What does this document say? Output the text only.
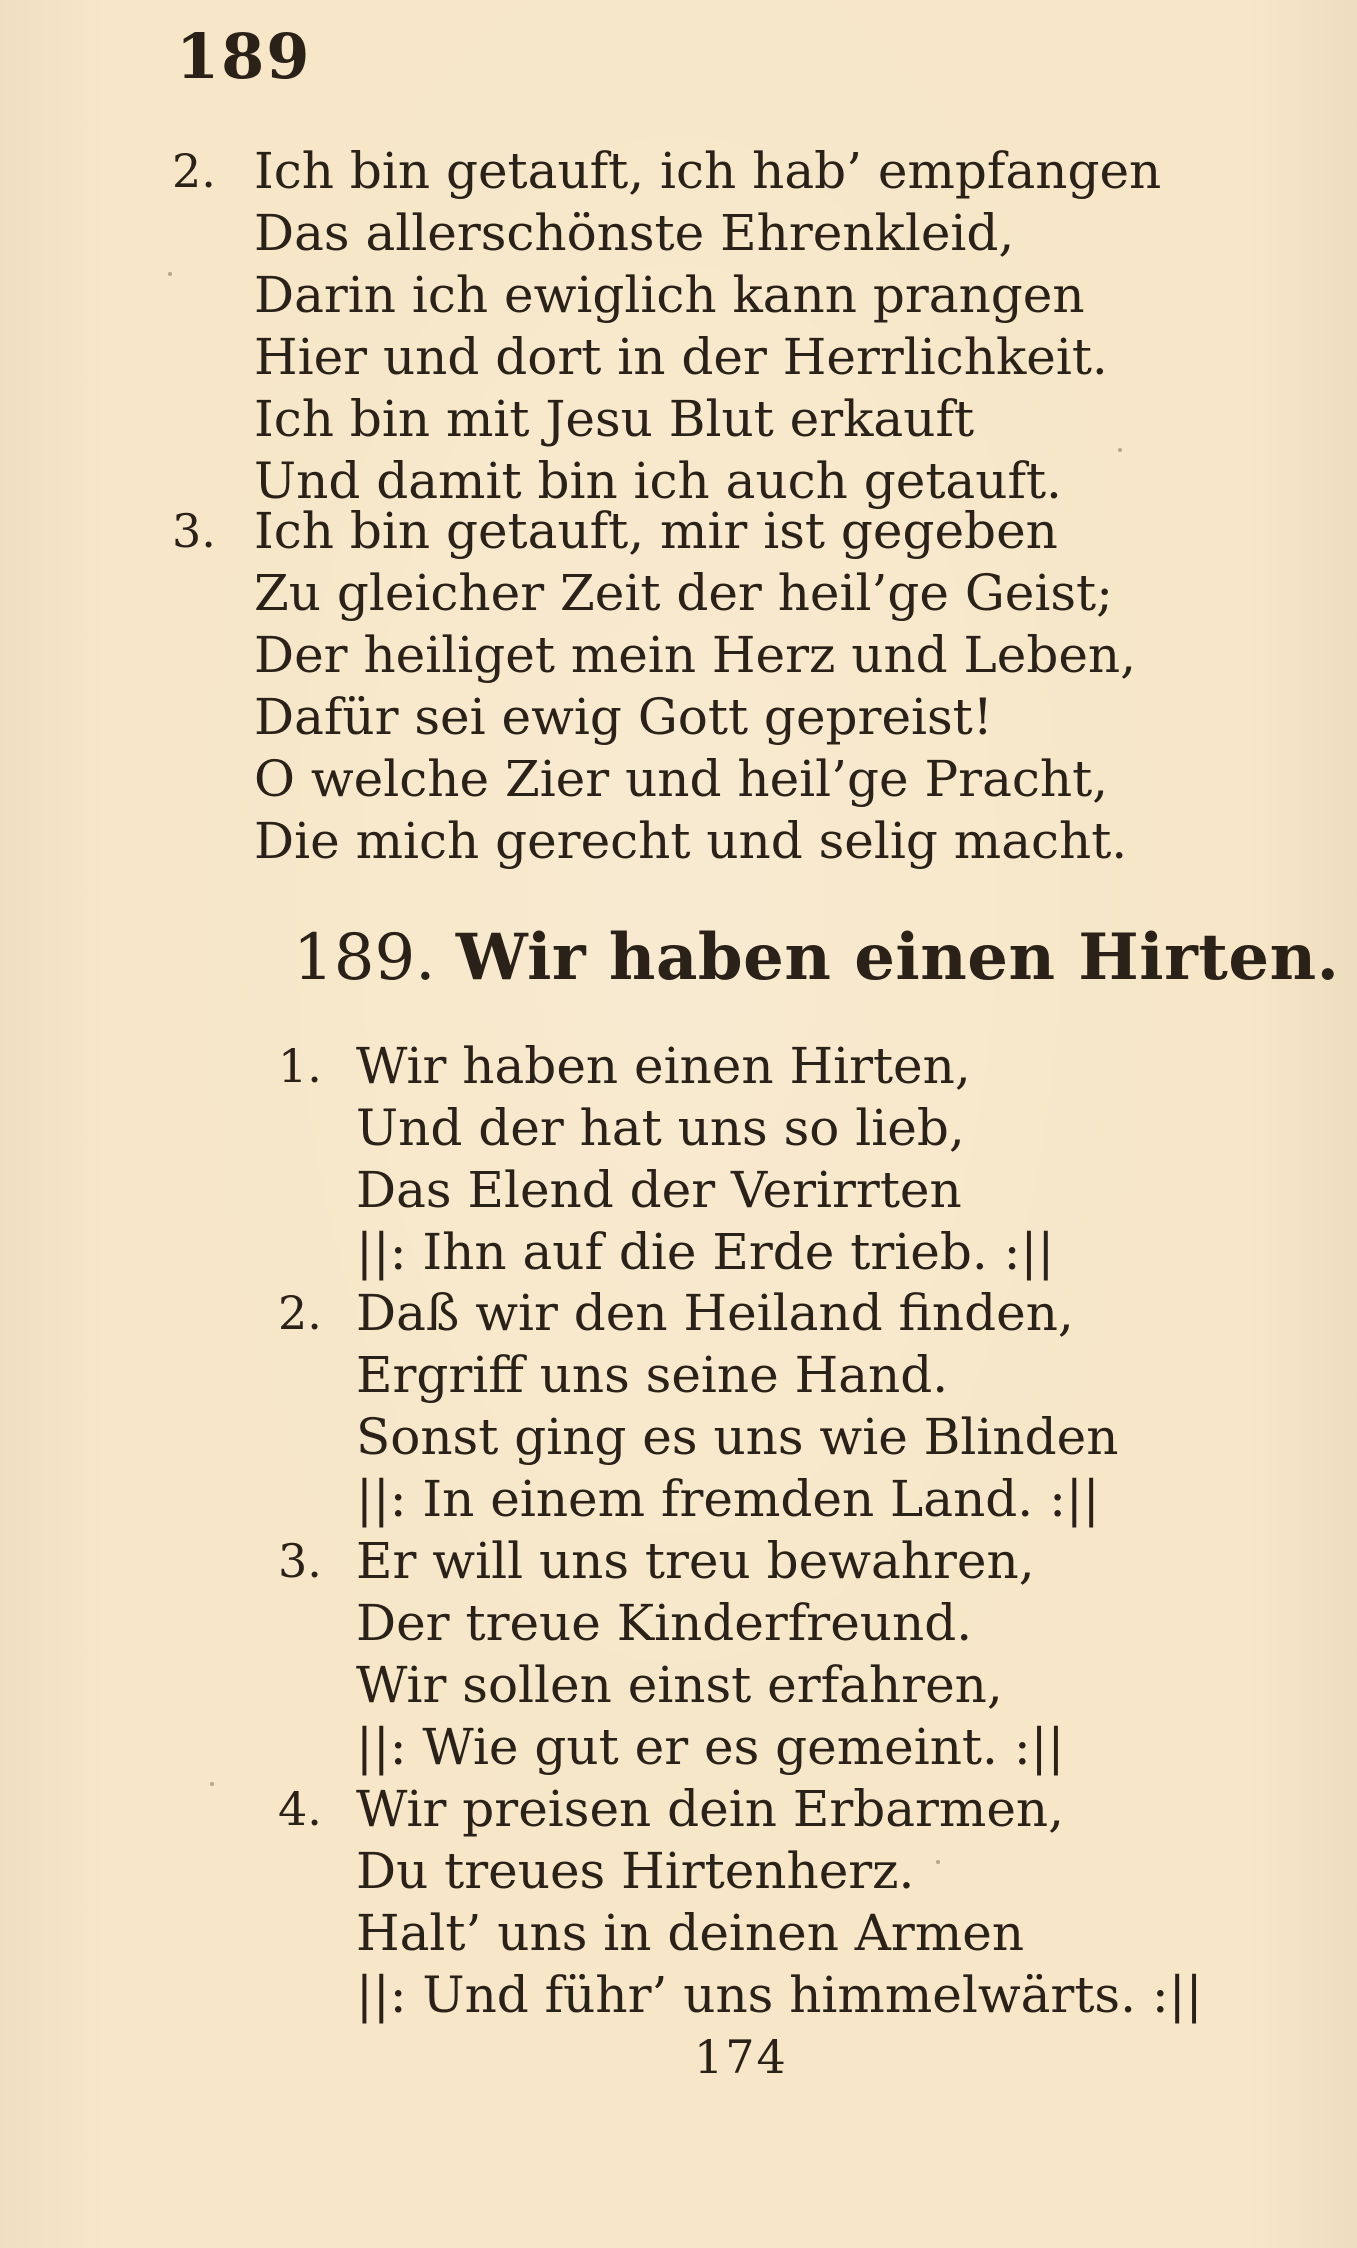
189
2. Ich bin getauft, ich hab’ empfangen
Das allerschönste Ehrenkleid,
Darin ich ewiglich kann prangen
Hier und dort in der Herrlichkeit.
Ich bin mit Jesu Blut erkauft
Und damit bin ich auch getauft.
3. Ich bin getauft, mir ist gegeben
Zu gleicher Zeit der heil’ge Geist;
Der heiliget mein Herz und Leben,
Dafür sei ewig Gott gepreist!
O welche Zier und heil’ge Pracht,
Die mich gerecht und selig macht.
189. Wir haben einen Hirten.
1. Wir haben einen Hirten,
Und der hat uns so lieb,
Das Elend der Verirrten
||: Ihn auf die Erde trieb. :||
2. Daß wir den Heiland finden,
Ergriff uns seine Hand.
Sonst ging es uns wie Blinden
||: In einem fremden Land. :||
3. Er will uns treu bewahren,
Der treue Kinderfreund.
Wir sollen einst erfahren,
||: Wie gut er es gemeint. :||
4. Wir preisen dein Erbarmen,
Du treues Hirtenherz.
Halt’ uns in deinen Armen
||: Und führ’ uns himmelwärts. :||
174
